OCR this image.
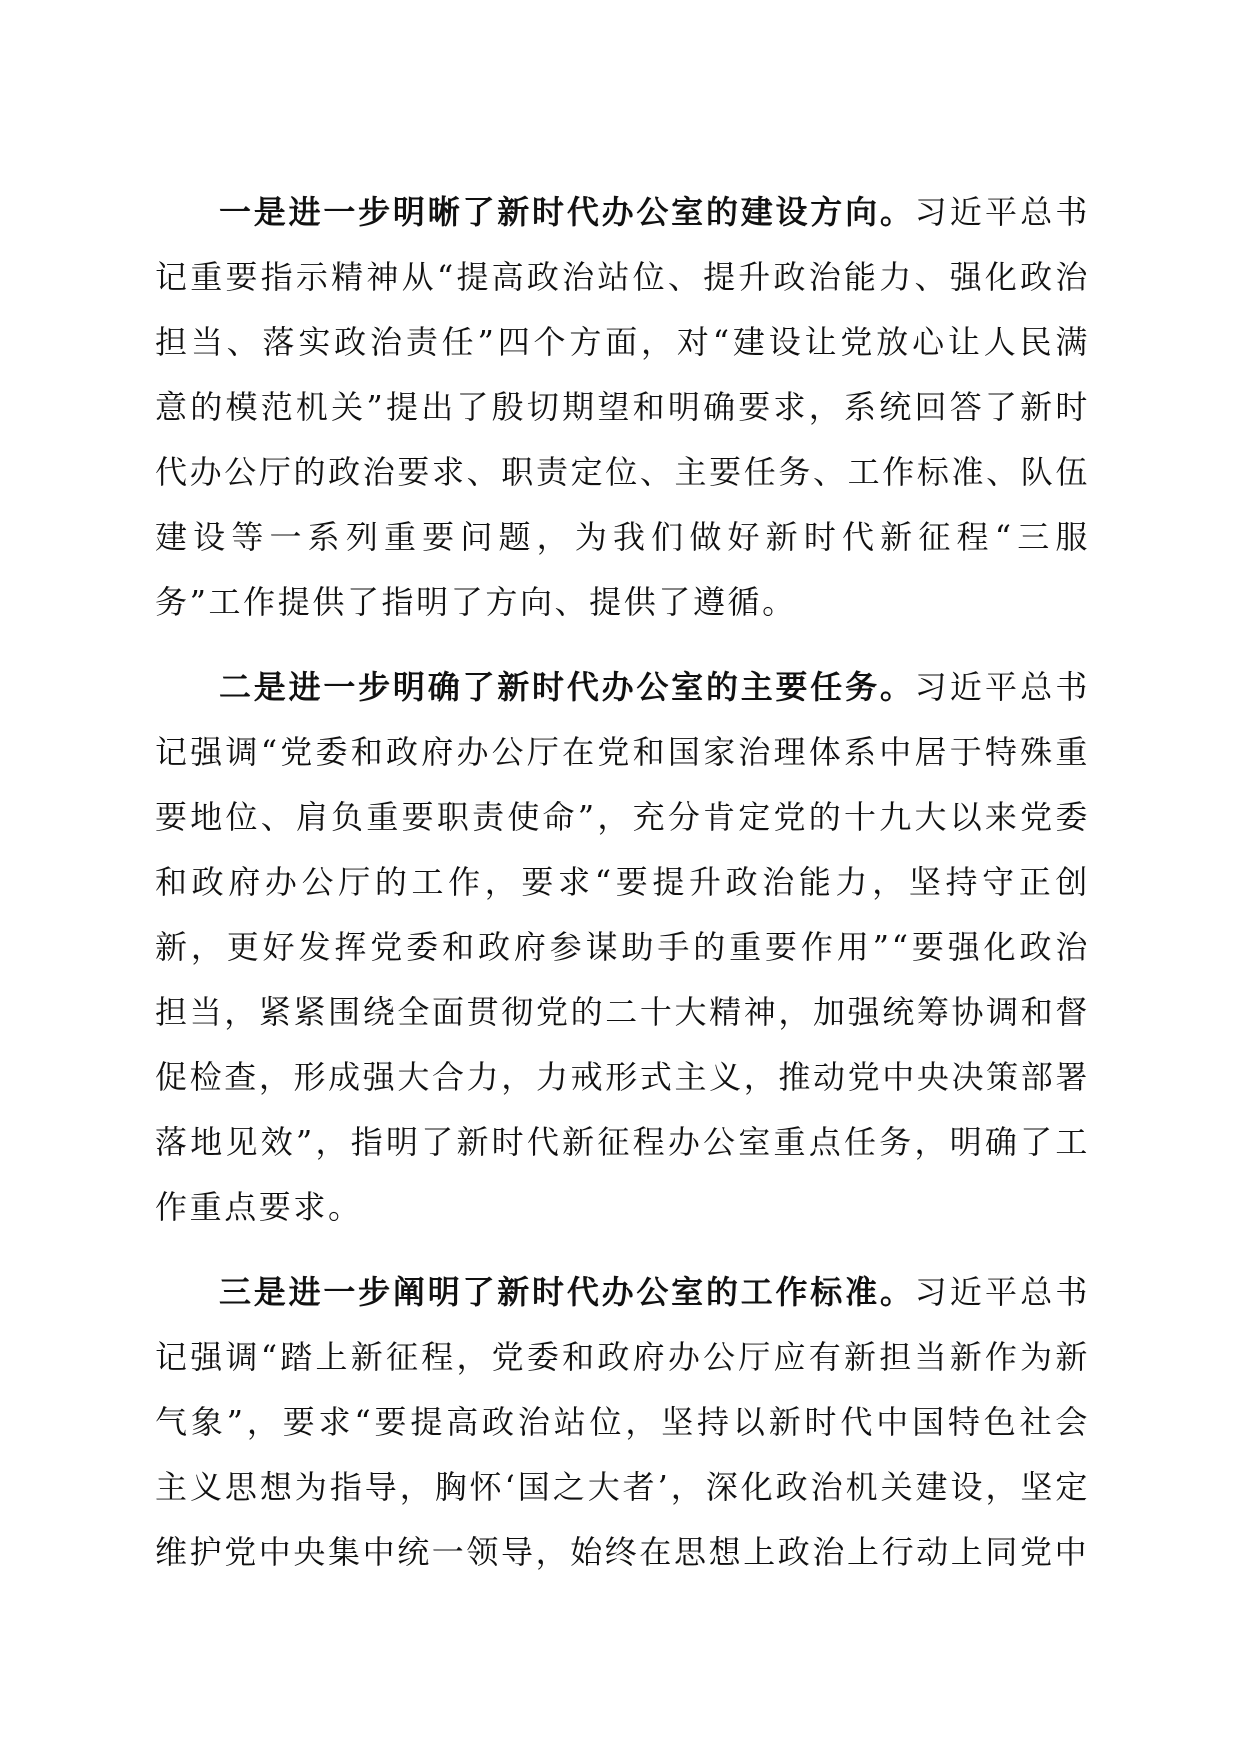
一是进一步明晰了新时代办公室的建设方向。习近平总书记重要指示精神从“提高政治站位、提升政治能力、强化政治担当、落实政治责任”四个方面，对“建设让党放心让人民满意的模范机关”提出了殷切期望和明确要求，系统回答了新时代办公厅的政治要求、职责定位、主要任务、工作标准、队伍建设等一系列重要问题，为我们做好新时代新征程“三服务”工作提供了指明了方向、提供了遵循。

二是进一步明确了新时代办公室的主要任务。习近平总书记强调“党委和政府办公厅在党和国家治理体系中居于特殊重要地位、肩负重要职责使命”，充分肯定党的十九大以来党委和政府办公厅的工作，要求“要提升政治能力，坚持守正创新，更好发挥党委和政府参谋助手的重要作用”“要强化政治担当，紧紧围绕全面贯彻党的二十大精神，加强统筹协调和督促检查，形成强大合力，力戒形式主义，推动党中央决策部署落地见效”，指明了新时代新征程办公室重点任务，明确了工作重点要求。

三是进一步阐明了新时代办公室的工作标准。习近平总书记强调“踏上新征程，党委和政府办公厅应有新担当新作为新气象”，要求“要提高政治站位，坚持以新时代中国特色社会主义思想为指导，胸怀‘国之大者’，深化政治机关建设，坚定维护党中央集中统一领导，始终在思想上政治上行动上同党中
